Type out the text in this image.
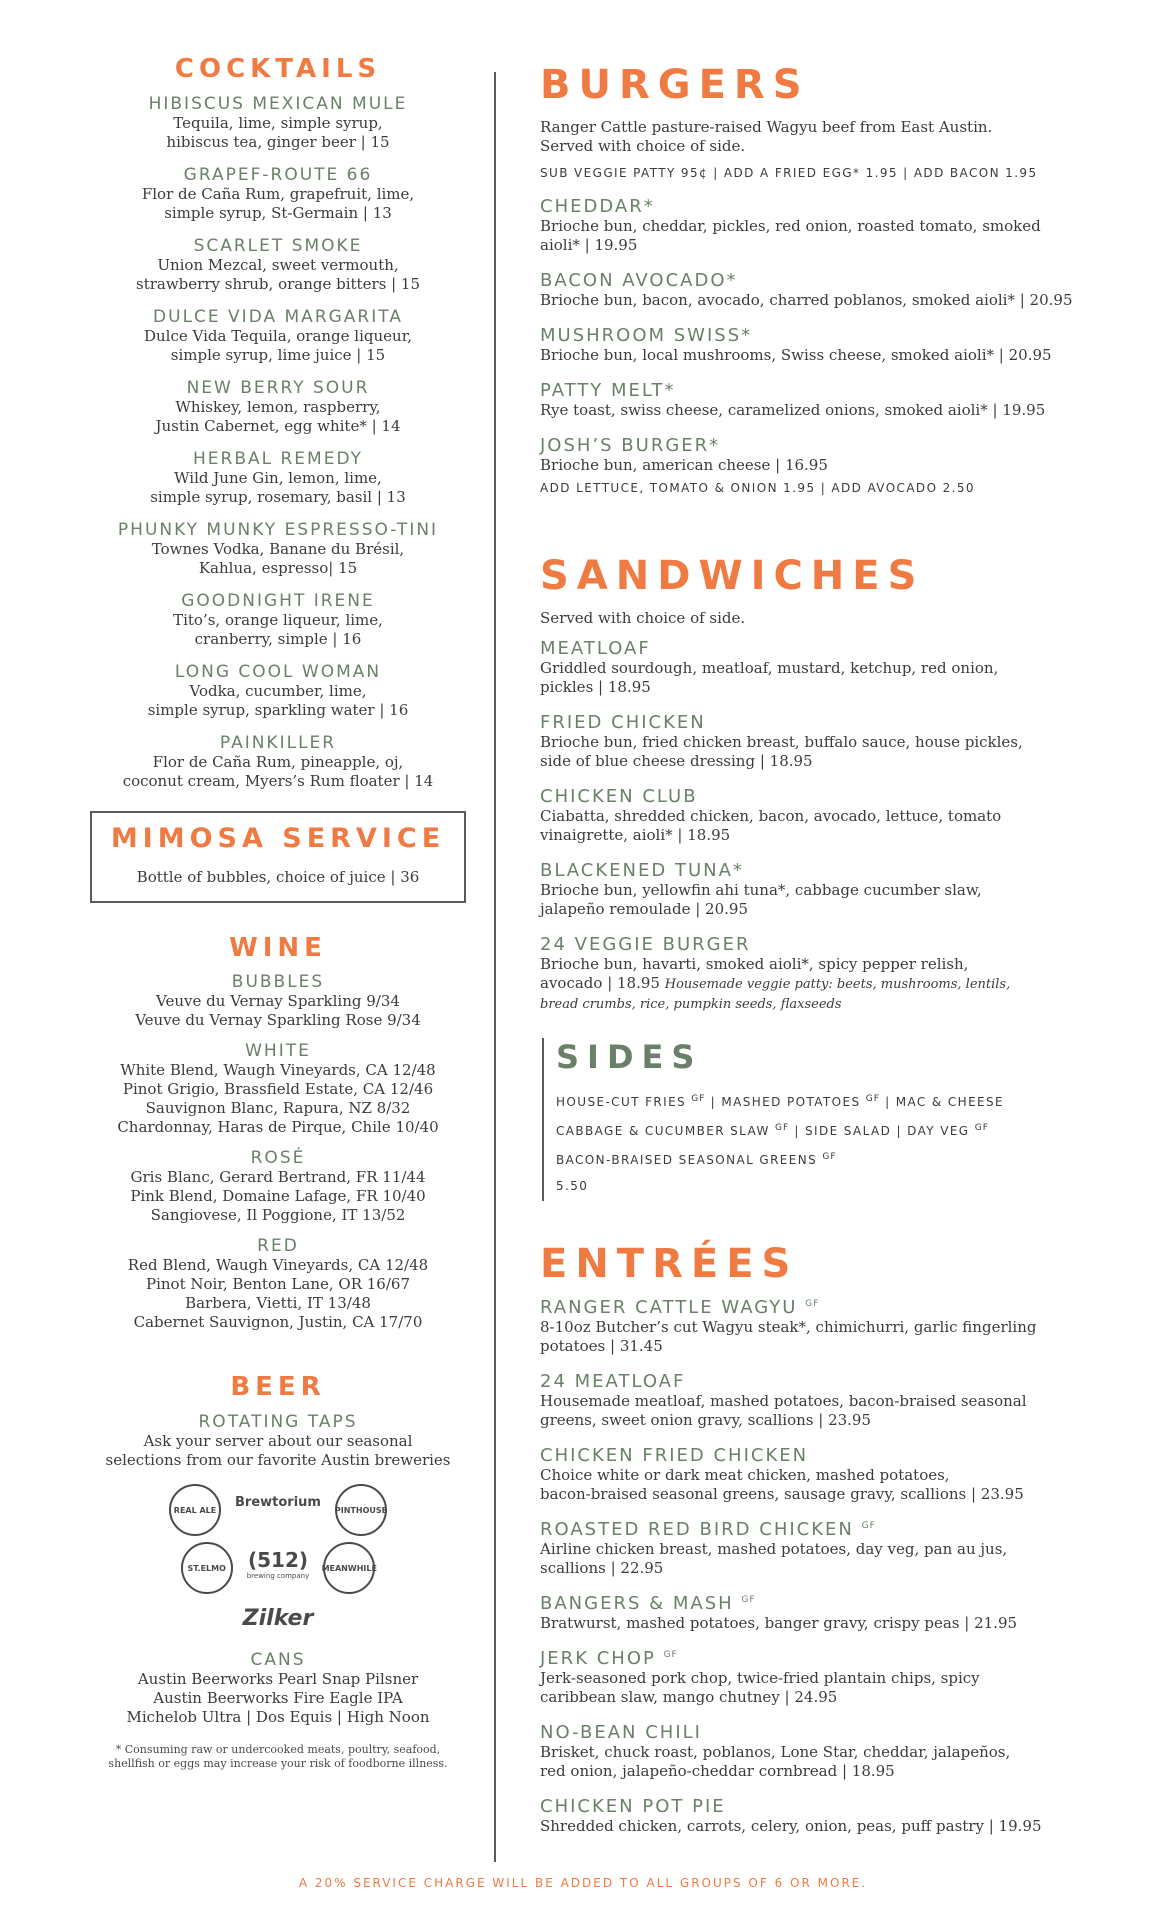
COCKTAILS
HIBISCUS MEXICAN MULE
Tequila, lime, simple syrup,
hibiscus tea, ginger beer | 15
GRAPEF-ROUTE 66
Flor de Caña Rum, grapefruit, lime,
simple syrup, St-Germain | 13
SCARLET SMOKE
Union Mezcal, sweet vermouth,
strawberry shrub, orange bitters | 15
DULCE VIDA MARGARITA
Dulce Vida Tequila, orange liqueur,
simple syrup, lime juice | 15
NEW BERRY SOUR
Whiskey, lemon, raspberry,
Justin Cabernet, egg white* | 14
HERBAL REMEDY
Wild June Gin, lemon, lime,
simple syrup, rosemary, basil | 13
PHUNKY MUNKY ESPRESSO-TINI
Townes Vodka, Banane du Brésil,
Kahlua, espresso| 15
GOODNIGHT IRENE
Tito’s, orange liqueur, lime,
cranberry, simple | 16
LONG COOL WOMAN
Vodka, cucumber, lime,
simple syrup, sparkling water | 16
PAINKILLER
Flor de Caña Rum, pineapple, oj,
coconut cream, Myers’s Rum floater | 14
MIMOSA SERVICE
Bottle of bubbles, choice of juice | 36
WINE
BUBBLES
Veuve du Vernay Sparkling 9/34
Veuve du Vernay Sparkling Rose 9/34
WHITE
White Blend, Waugh Vineyards, CA 12/48
Pinot Grigio, Brassfield Estate, CA 12/46
Sauvignon Blanc, Rapura, NZ 8/32
Chardonnay, Haras de Pirque, Chile 10/40
ROSÉ
Gris Blanc, Gerard Bertrand, FR 11/44
Pink Blend, Domaine Lafage, FR 10/40
Sangiovese, Il Poggione, IT 13/52
RED
Red Blend, Waugh Vineyards, CA 12/48
Pinot Noir, Benton Lane, OR 16/67
Barbera, Vietti, IT 13/48
Cabernet Sauvignon, Justin, CA 17/70
BEER
ROTATING TAPS
Ask your server about our seasonal
selections from our favorite Austin breweries
REAL ALE
Brewtorium
PINTHOUSE
ST.ELMO	(512)
brewing company
MEANWHILE
Zilker
CANS
Austin Beerworks Pearl Snap Pilsner
Austin Beerworks Fire Eagle IPA
Michelob Ultra | Dos Equis | High Noon
* Consuming raw or undercooked meats, poultry, seafood,
shellfish or eggs may increase your risk of foodborne illness.
BURGERS
Ranger Cattle pasture-raised Wagyu beef from East Austin.
Served with choice of side.
SUB VEGGIE PATTY 95¢ | ADD A FRIED EGG* 1.95 | ADD BACON 1.95
CHEDDAR*
Brioche bun, cheddar, pickles, red onion, roasted tomato, smoked
aioli* | 19.95
BACON AVOCADO*
Brioche bun, bacon, avocado, charred poblanos, smoked aioli* | 20.95
MUSHROOM SWISS*
Brioche bun, local mushrooms, Swiss cheese, smoked aioli* | 20.95
PATTY MELT*
Rye toast, swiss cheese, caramelized onions, smoked aioli* | 19.95
JOSH’S BURGER*
Brioche bun, american cheese | 16.95
ADD LETTUCE, TOMATO & ONION 1.95 | ADD AVOCADO 2.50
SANDWICHES
Served with choice of side.
MEATLOAF
Griddled sourdough, meatloaf, mustard, ketchup, red onion,
pickles | 18.95
FRIED CHICKEN
Brioche bun, fried chicken breast, buffalo sauce, house pickles,
side of blue cheese dressing | 18.95
CHICKEN CLUB
Ciabatta, shredded chicken, bacon, avocado, lettuce, tomato
vinaigrette, aioli* | 18.95
BLACKENED TUNA*
Brioche bun, yellowfin ahi tuna*, cabbage cucumber slaw,
jalapeño remoulade | 20.95
24 VEGGIE BURGER
Brioche bun, havarti, smoked aioli*, spicy pepper relish,
avocado | 18.95 Housemade veggie patty: beets, mushrooms, lentils,
bread crumbs, rice, pumpkin seeds, flaxseeds
SIDES
HOUSE-CUT FRIES $^{GF}$ | MASHED POTATOES $^{GF}$ | MAC & CHEESE
CABBAGE & CUCUMBER SLAW $^{GF}$ | SIDE SALAD | DAY VEG $^{GF}$
BACON-BRAISED SEASONAL GREENS $^{GF}$
5.50
ENTRÉES
RANGER CATTLE WAGYU $^{GF}$
8-10oz Butcher’s cut Wagyu steak*, chimichurri, garlic fingerling
potatoes | 31.45
24 MEATLOAF
Housemade meatloaf, mashed potatoes, bacon-braised seasonal
greens, sweet onion gravy, scallions | 23.95
CHICKEN FRIED CHICKEN
Choice white or dark meat chicken, mashed potatoes,
bacon-braised seasonal greens, sausage gravy, scallions | 23.95
ROASTED RED BIRD CHICKEN $^{GF}$
Airline chicken breast, mashed potatoes, day veg, pan au jus,
scallions | 22.95
BANGERS & MASH $^{GF}$
Bratwurst, mashed potatoes, banger gravy, crispy peas | 21.95
JERK CHOP $^{GF}$
Jerk-seasoned pork chop, twice-fried plantain chips, spicy
caribbean slaw, mango chutney | 24.95
NO-BEAN CHILI
Brisket, chuck roast, poblanos, Lone Star, cheddar, jalapeños,
red onion, jalapeño-cheddar cornbread | 18.95
CHICKEN POT PIE
Shredded chicken, carrots, celery, onion, peas, puff pastry | 19.95
A 20% SERVICE CHARGE WILL BE ADDED TO ALL GROUPS OF 6 OR MORE.
